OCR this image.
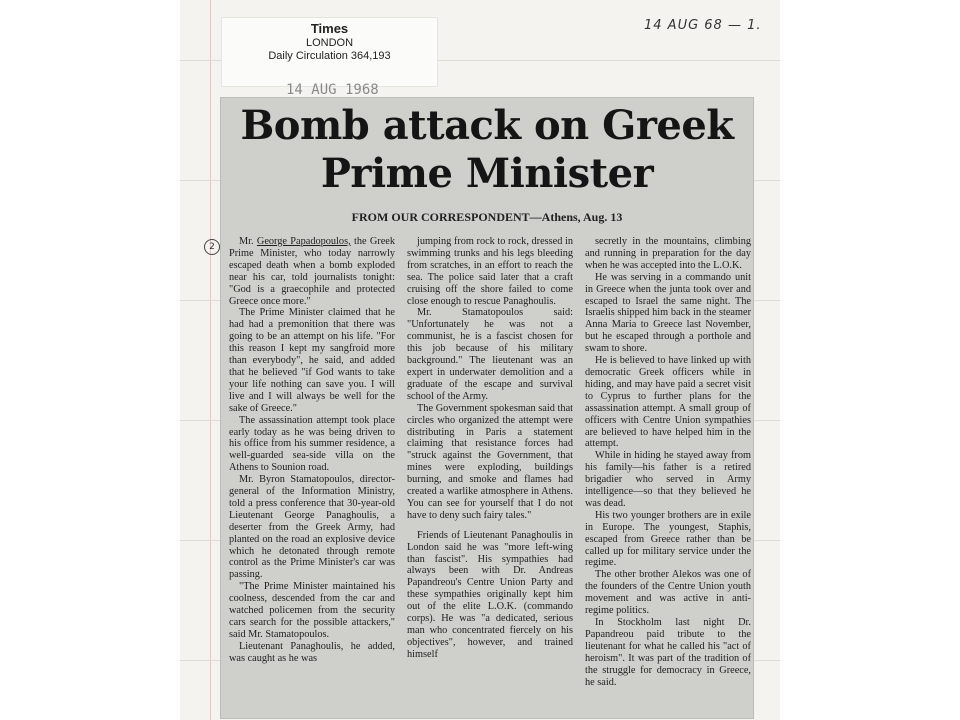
Times
LONDON
Daily Circulation 364,193
14 AUG 1968
14 AUG 68 — 1.
2
Bomb attack on Greek
Prime Minister
FROM OUR CORRESPONDENT—Athens, Aug. 13

Mr. George Papadopoulos, the Greek Prime Minister, who today narrowly escaped death when a bomb exploded near his car, told journalists tonight: "God is a graecophile and protected Greece once more."

The Prime Minister claimed that he had had a premonition that there was going to be an attempt on his life. "For this reason I kept my sangfroid more than everybody", he said, and added that he believed "if God wants to take your life nothing can save you. I will live and I will always be well for the sake of Greece."

The assassination attempt took place early today as he was being driven to his office from his summer residence, a well-guarded sea-side villa on the Athens to Sounion road.

Mr. Byron Stamatopoulos, director-general of the Information Ministry, told a press conference that 30-year-old Lieutenant George Panaghoulis, a deserter from the Greek Army, had planted on the road an explosive device which he detonated through remote control as the Prime Minister's car was passing.

"The Prime Minister maintained his coolness, descended from the car and watched policemen from the security cars search for the possible attackers," said Mr. Stamatopoulos.

Lieutenant Panaghoulis, he added, was caught as he was

jumping from rock to rock, dressed in swimming trunks and his legs bleeding from scratches, in an effort to reach the sea. The police said later that a craft cruising off the shore failed to come close enough to rescue Panaghoulis.

Mr. Stamatopoulos said: "Unfortunately he was not a communist, he is a fascist chosen for this job because of his military background." The lieutenant was an expert in underwater demolition and a graduate of the escape and survival school of the Army.

The Government spokesman said that circles who organized the attempt were distributing in Paris a statement claiming that resistance forces had "struck against the Government, that mines were exploding, buildings burning, and smoke and flames had created a warlike atmosphere in Athens. You can see for yourself that I do not have to deny such fairy tales."

Friends of Lieutenant Panaghoulis in London said he was "more left-wing than fascist". His sympathies had always been with Dr. Andreas Papandreou's Centre Union Party and these sympathies originally kept him out of the elite L.O.K. (commando corps). He was "a dedicated, serious man who concentrated fiercely on his objectives", however, and trained himself

secretly in the mountains, climbing and running in preparation for the day when he was accepted into the L.O.K.

He was serving in a commando unit in Greece when the junta took over and escaped to Israel the same night. The Israelis shipped him back in the steamer Anna Maria to Greece last November, but he escaped through a porthole and swam to shore.

He is believed to have linked up with democratic Greek officers while in hiding, and may have paid a secret visit to Cyprus to further plans for the assassination attempt. A small group of officers with Centre Union sympathies are believed to have helped him in the attempt.

While in hiding he stayed away from his family—his father is a retired brigadier who served in Army intelligence—so that they believed he was dead.

His two younger brothers are in exile in Europe. The youngest, Staphis, escaped from Greece rather than be called up for military service under the regime.

The other brother Alekos was one of the founders of the Centre Union youth movement and was active in anti-regime politics.

In Stockholm last night Dr. Papandreou paid tribute to the lieutenant for what he called his "act of heroism". It was part of the tradition of the struggle for democracy in Greece, he said.
